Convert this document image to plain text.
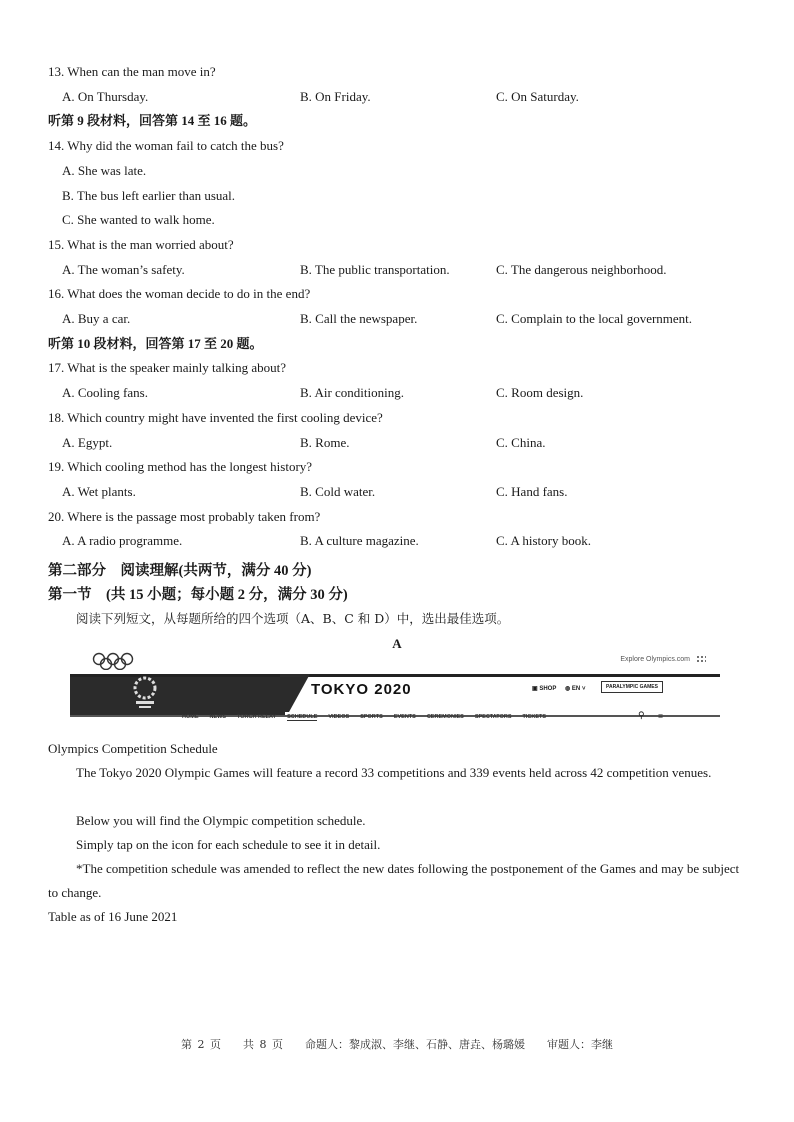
13. When can the man move in?
A. On Thursday.	B. On Friday.	C. On Saturday.
听第 9 段材料，回答第 14 至 16 题。
14. Why did the woman fail to catch the bus?
A. She was late.
B. The bus left earlier than usual.
C. She wanted to walk home.
15. What is the man worried about?
A. The woman’s safety.	B. The public transportation.	C. The dangerous neighborhood.
16. What does the woman decide to do in the end?
A. Buy a car.	B. Call the newspaper.	C. Complain to the local government.
听第 10 段材料，回答第 17 至 20 题。
17. What is the speaker mainly talking about?
A. Cooling fans.	B. Air conditioning.	C. Room design.
18. Which country might have invented the first cooling device?
A. Egypt.	B. Rome.	C. China.
19. Which cooling method has the longest history?
A. Wet plants.	B. Cold water.	C. Hand fans.
20. Where is the passage most probably taken from?
A. A radio programme.	B. A culture magazine.	C. A history book.
第二部分　阅读理解(共两节，满分 40 分)
第一节　(共 15 小题；每小题 2 分，满分 30 分)
阅读下列短文，从每题所给的四个选项（A、B、C 和 D）中，选出最佳选项。
A
Explore Olympics.com
TOKYO 2020	▣ SHOP ◍ EN ˅	PARALYMPIC GAMES
HOME NEWS TORCH RELAY SCHEDULE VIDEOS SPORTS EVENTS CEREMONIES SPECTATORS TICKETS	⚲ ≡
Olympics Competition Schedule
The Tokyo 2020 Olympic Games will feature a record 33 competitions and 339 events held across 42 competition venues.
Below you will find the Olympic competition schedule.
Simply tap on the icon for each schedule to see it in detail.
*The competition schedule was amended to reflect the new dates following the postponement of the Games and may be subject to change.
Table as of 16 June 2021
第 2 页　　共 8 页　　命题人：黎成淑、李继、石静、唐垚、杨璐媛　　审题人：李继
